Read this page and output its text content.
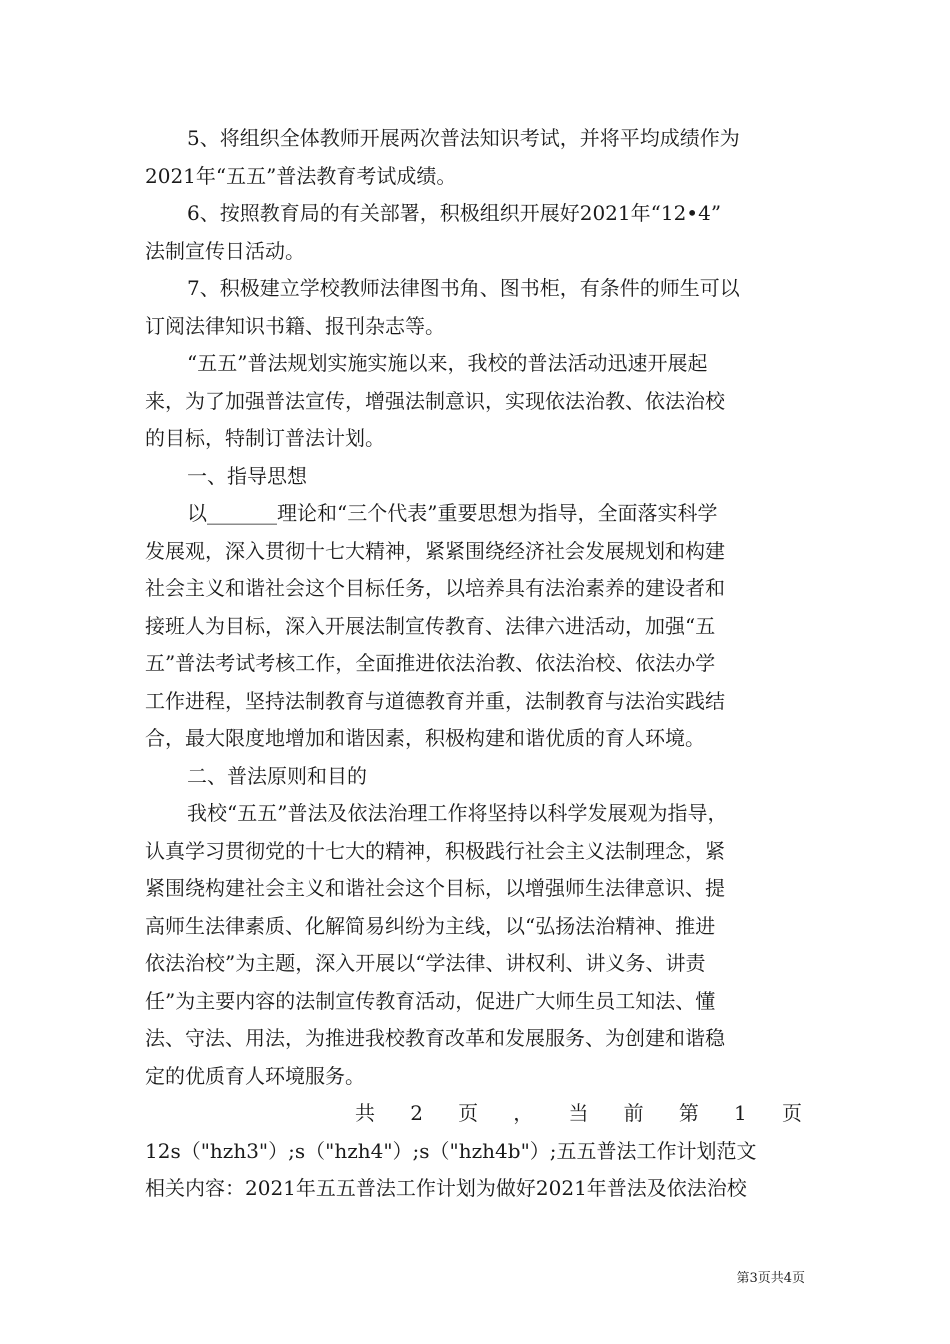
5、将组织全体教师开展两次普法知识考试，并将平均成绩作为
2021年“五五”普法教育考试成绩。
6、按照教育局的有关部署，积极组织开展好2021年“12•4”
法制宣传日活动。
7、积极建立学校教师法律图书角、图书柜，有条件的师生可以
订阅法律知识书籍、报刊杂志等。
“五五”普法规划实施实施以来，我校的普法活动迅速开展起
来，为了加强普法宣传，增强法制意识，实现依法治教、依法治校
的目标，特制订普法计划。
一、指导思想
以_______理论和“三个代表”重要思想为指导，全面落实科学
发展观，深入贯彻十七大精神，紧紧围绕经济社会发展规划和构建
社会主义和谐社会这个目标任务，以培养具有法治素养的建设者和
接班人为目标，深入开展法制宣传教育、法律六进活动，加强“五
五”普法考试考核工作，全面推进依法治教、依法治校、依法办学
工作进程，坚持法制教育与道德教育并重，法制教育与法治实践结
合，最大限度地增加和谐因素，积极构建和谐优质的育人环境。
二、普法原则和目的
我校“五五”普法及依法治理工作将坚持以科学发展观为指导，
认真学习贯彻党的十七大的精神，积极践行社会主义法制理念，紧
紧围绕构建社会主义和谐社会这个目标，以增强师生法律意识、提
高师生法律素质、化解简易纠纷为主线，以“弘扬法治精神、推进
依法治校”为主题，深入开展以“学法律、讲权利、讲义务、讲责
任”为主要内容的法制宣传教育活动，促进广大师生员工知法、懂
法、守法、用法，为推进我校教育改革和发展服务、为创建和谐稳
定的优质育人环境服务。
共 2 页 ， 当 前 第 1 页
12s（"hzh3"）;s（"hzh4"）;s（"hzh4b"）;五五普法工作计划范文
相关内容：2021年五五普法工作计划为做好2021年普法及依法治校
第3页共4页
